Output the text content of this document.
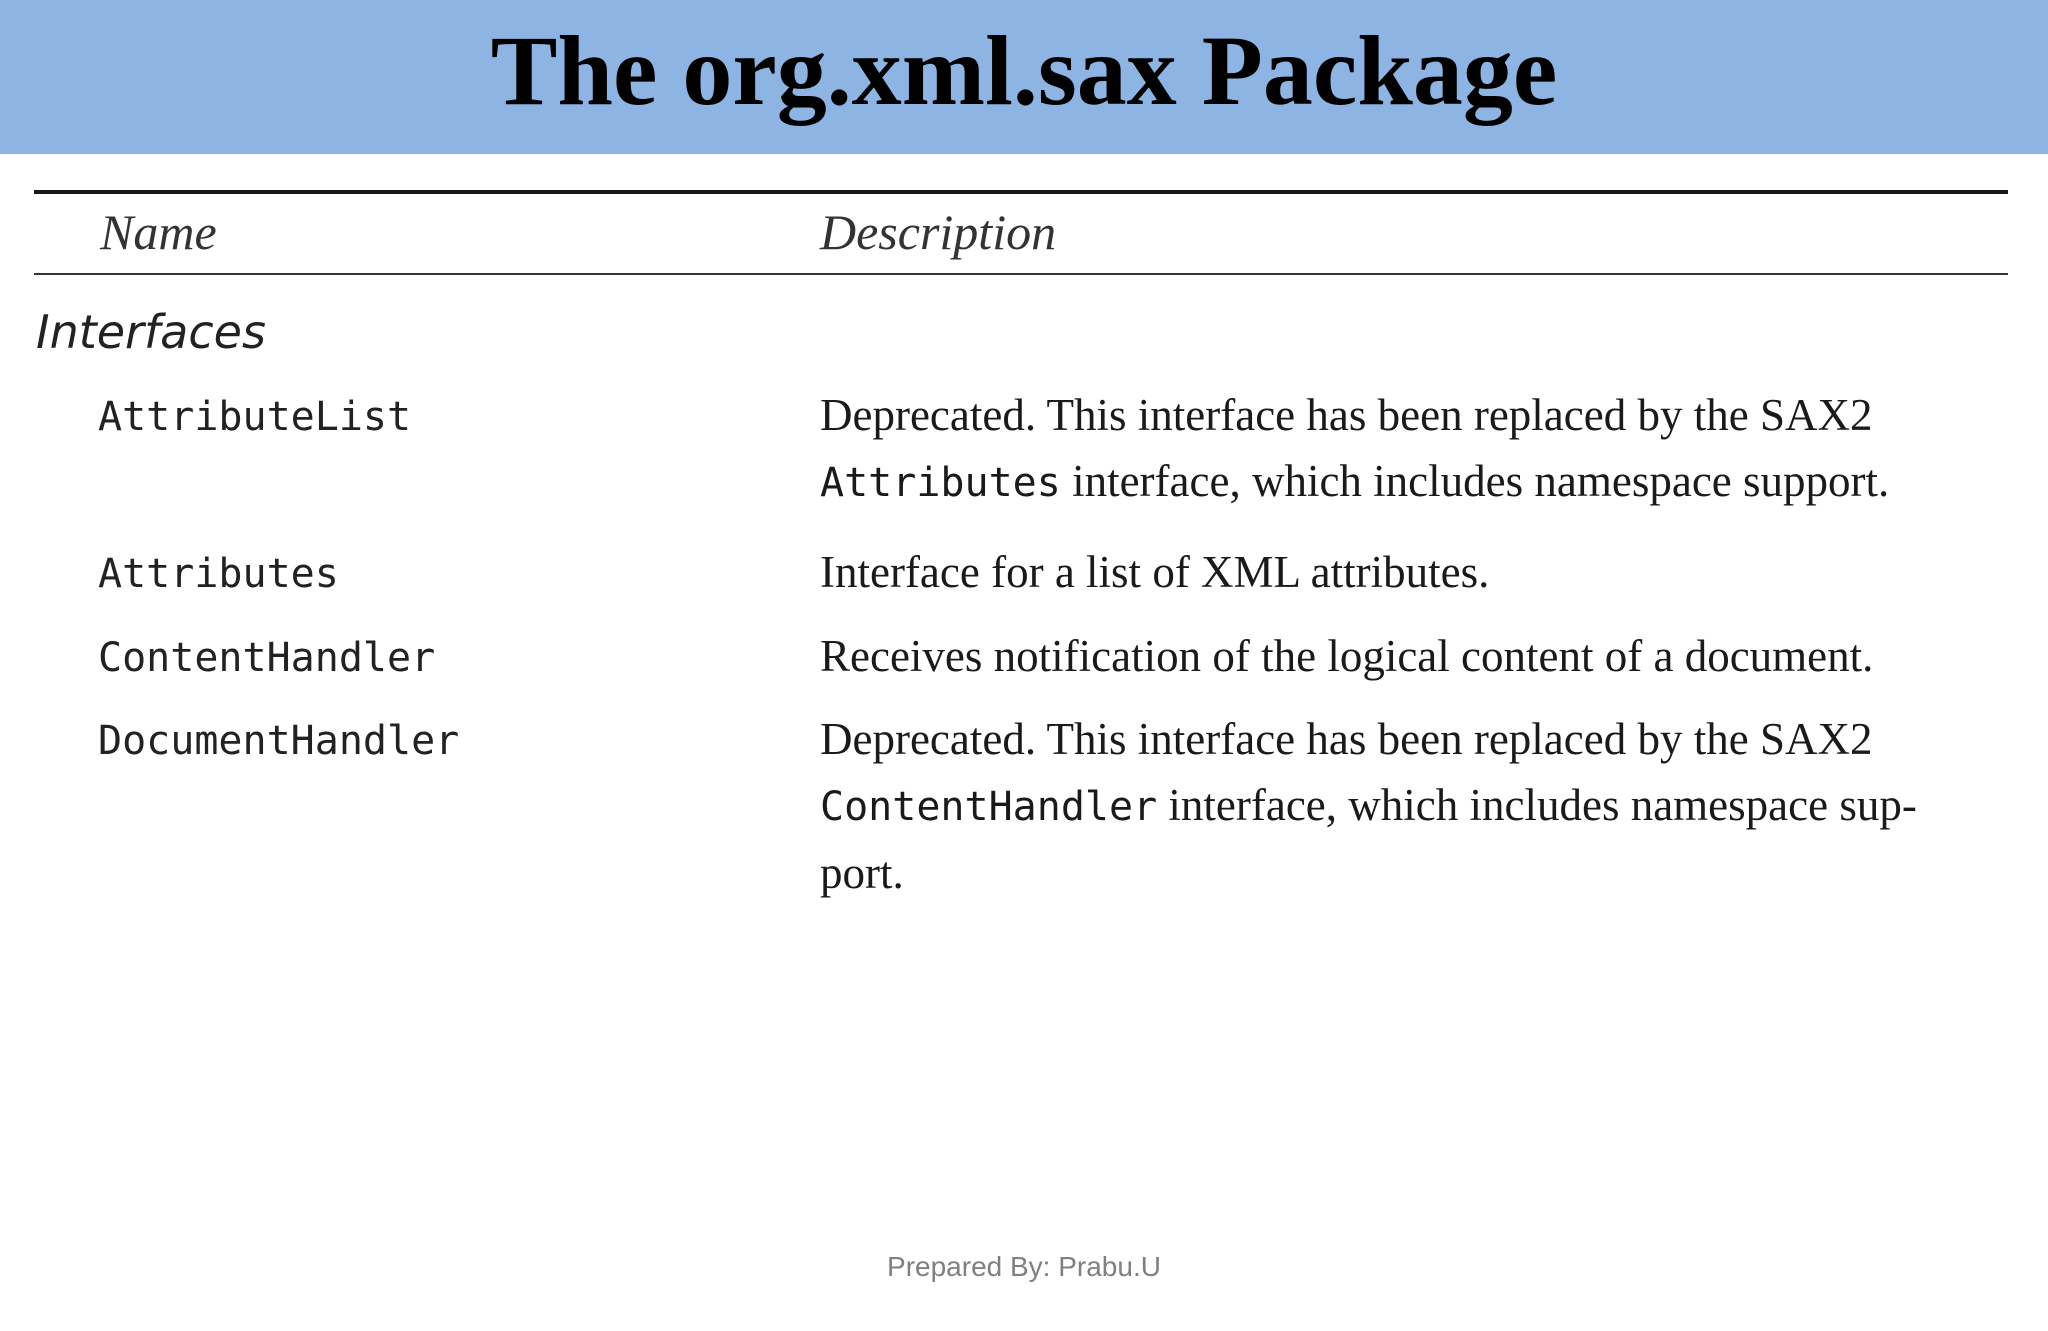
The org.xml.sax Package
Name	Description
Interfaces
AttributeList	Deprecated. This interface has been replaced by the SAX2
Attributes interface, which includes namespace support.
Attributes	Interface for a list of XML attributes.
ContentHandler	Receives notification of the logical content of a document.
DocumentHandler	Deprecated. This interface has been replaced by the SAX2
ContentHandler interface, which includes namespace sup-
port.
Prepared By: Prabu.U
